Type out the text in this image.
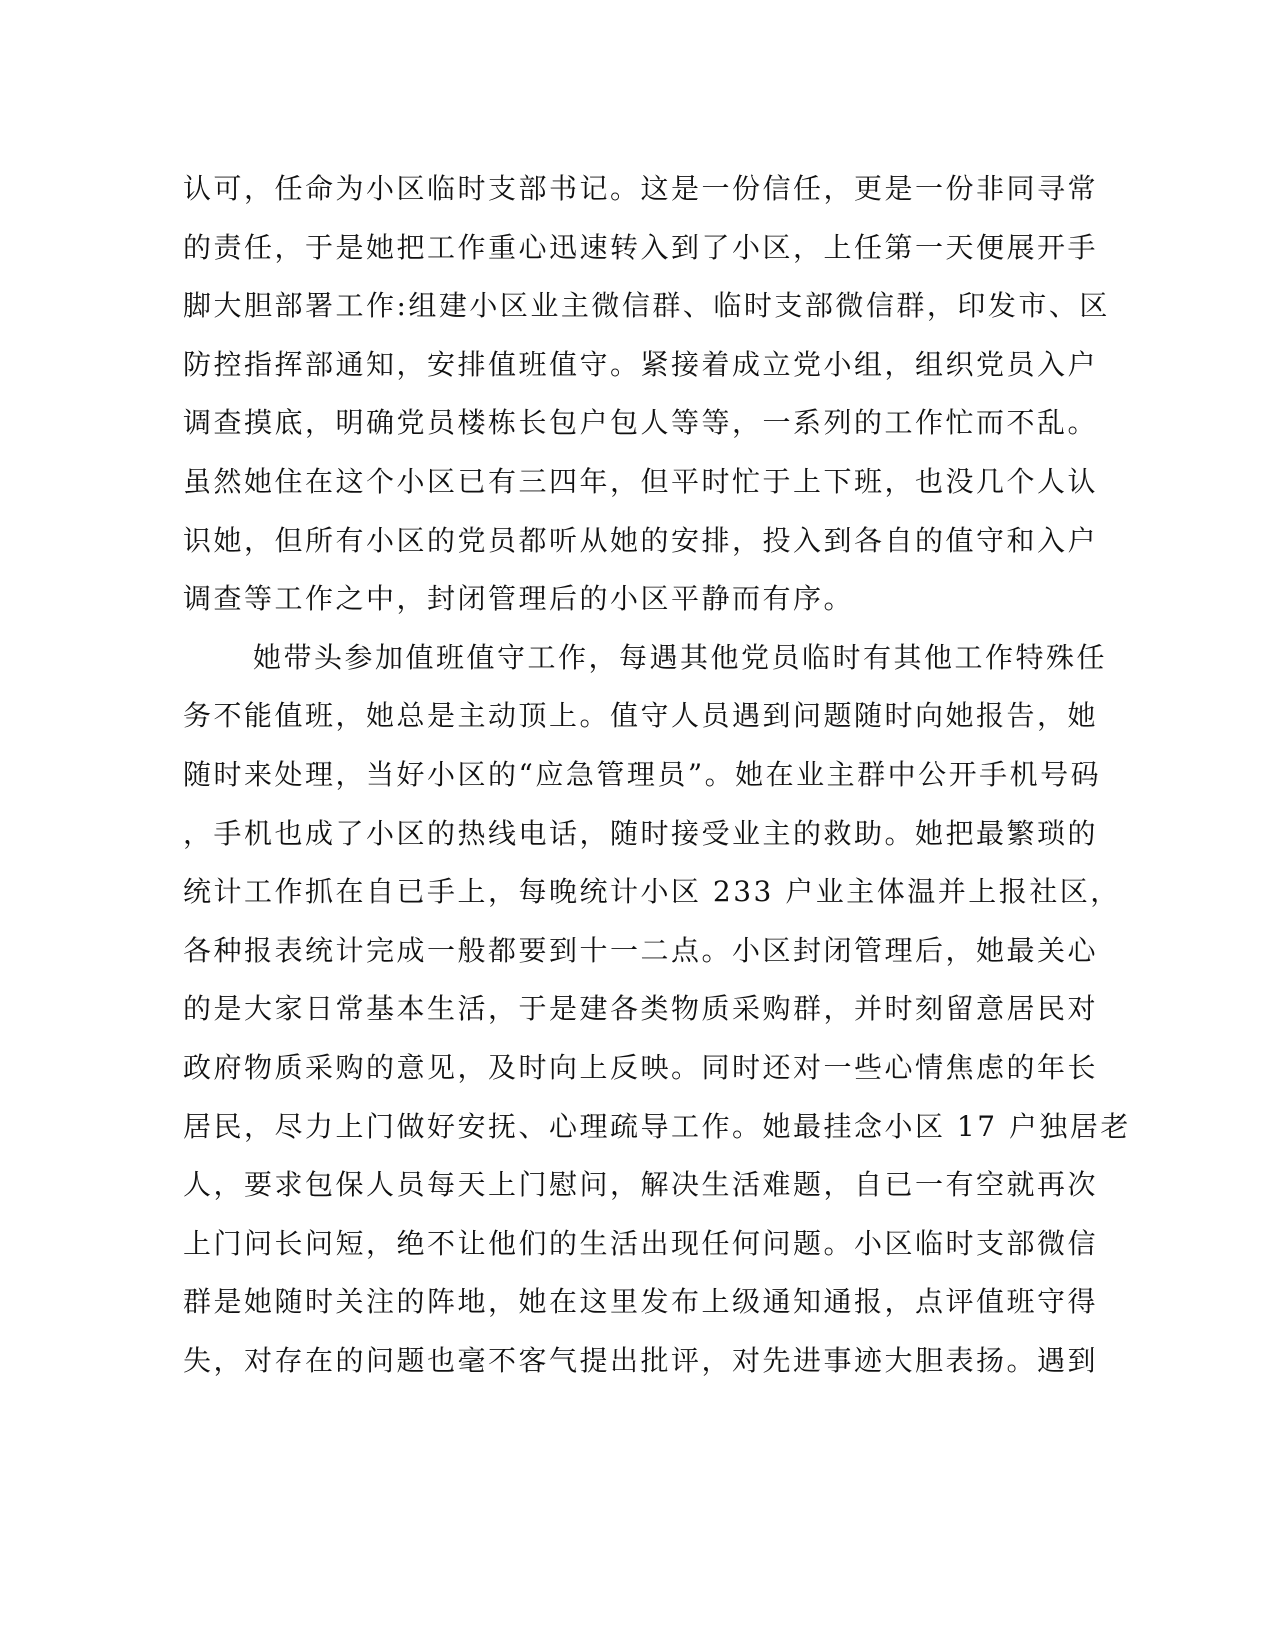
认可，任命为小区临时支部书记。这是一份信任，更是一份非同寻常
的责任，于是她把工作重心迅速转入到了小区，上任第一天便展开手
脚大胆部署工作:组建小区业主微信群、临时支部微信群，印发市、区
防控指挥部通知，安排值班值守。紧接着成立党小组，组织党员入户
调查摸底，明确党员楼栋长包户包人等等，一系列的工作忙而不乱。
虽然她住在这个小区已有三四年，但平时忙于上下班，也没几个人认
识她，但所有小区的党员都听从她的安排，投入到各自的值守和入户
调查等工作之中，封闭管理后的小区平静而有序。
她带头参加值班值守工作，每遇其他党员临时有其他工作特殊任
务不能值班，她总是主动顶上。值守人员遇到问题随时向她报告，她
随时来处理，当好小区的“应急管理员”。她在业主群中公开手机号码
，手机也成了小区的热线电话，随时接受业主的救助。她把最繁琐的
统计工作抓在自已手上，每晚统计小区 233 户业主体温并上报社区，
各种报表统计完成一般都要到十一二点。小区封闭管理后，她最关心
的是大家日常基本生活，于是建各类物质采购群，并时刻留意居民对
政府物质采购的意见，及时向上反映。同时还对一些心情焦虑的年长
居民，尽力上门做好安抚、心理疏导工作。她最挂念小区 17 户独居老
人，要求包保人员每天上门慰问，解决生活难题，自已一有空就再次
上门问长问短，绝不让他们的生活出现任何问题。小区临时支部微信
群是她随时关注的阵地，她在这里发布上级通知通报，点评值班守得
失，对存在的问题也毫不客气提出批评，对先进事迹大胆表扬。遇到
